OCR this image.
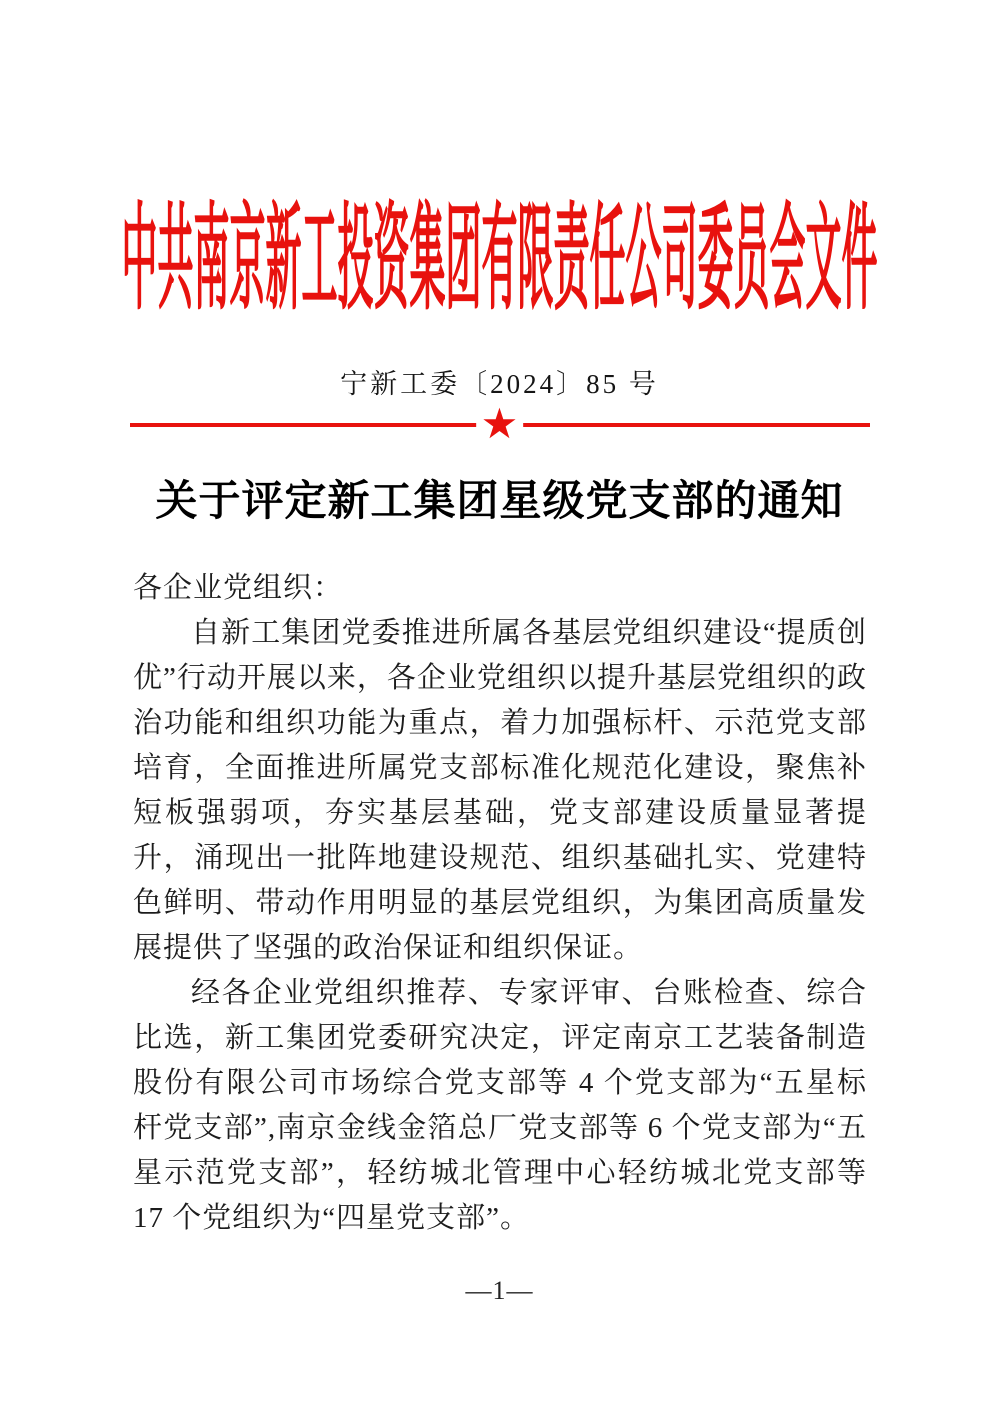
中共南京新工投资集团有限责任公司委员会文件
宁新工委〔2024〕85 号
★
关于评定新工集团星级党支部的通知

各企业党组织：

自新工集团党委推进所属各基层党组织建设“提质创优”行动开展以来，各企业党组织以提升基层党组织的政治功能和组织功能为重点，着力加强标杆、示范党支部培育，全面推进所属党支部标准化规范化建设，聚焦补短板强弱项，夯实基层基础，党支部建设质量显著提升，涌现出一批阵地建设规范、组织基础扎实、党建特色鲜明、带动作用明显的基层党组织，为集团高质量发展提供了坚强的政治保证和组织保证。

经各企业党组织推荐、专家评审、台账检查、综合比选，新工集团党委研究决定，评定南京工艺装备制造股份有限公司市场综合党支部等 4 个党支部为“五星标杆党支部”,南京金线金箔总厂党支部等 6 个党支部为“五星示范党支部”，轻纺城北管理中心轻纺城北党支部等 17 个党组织为“四星党支部”。

—1—
